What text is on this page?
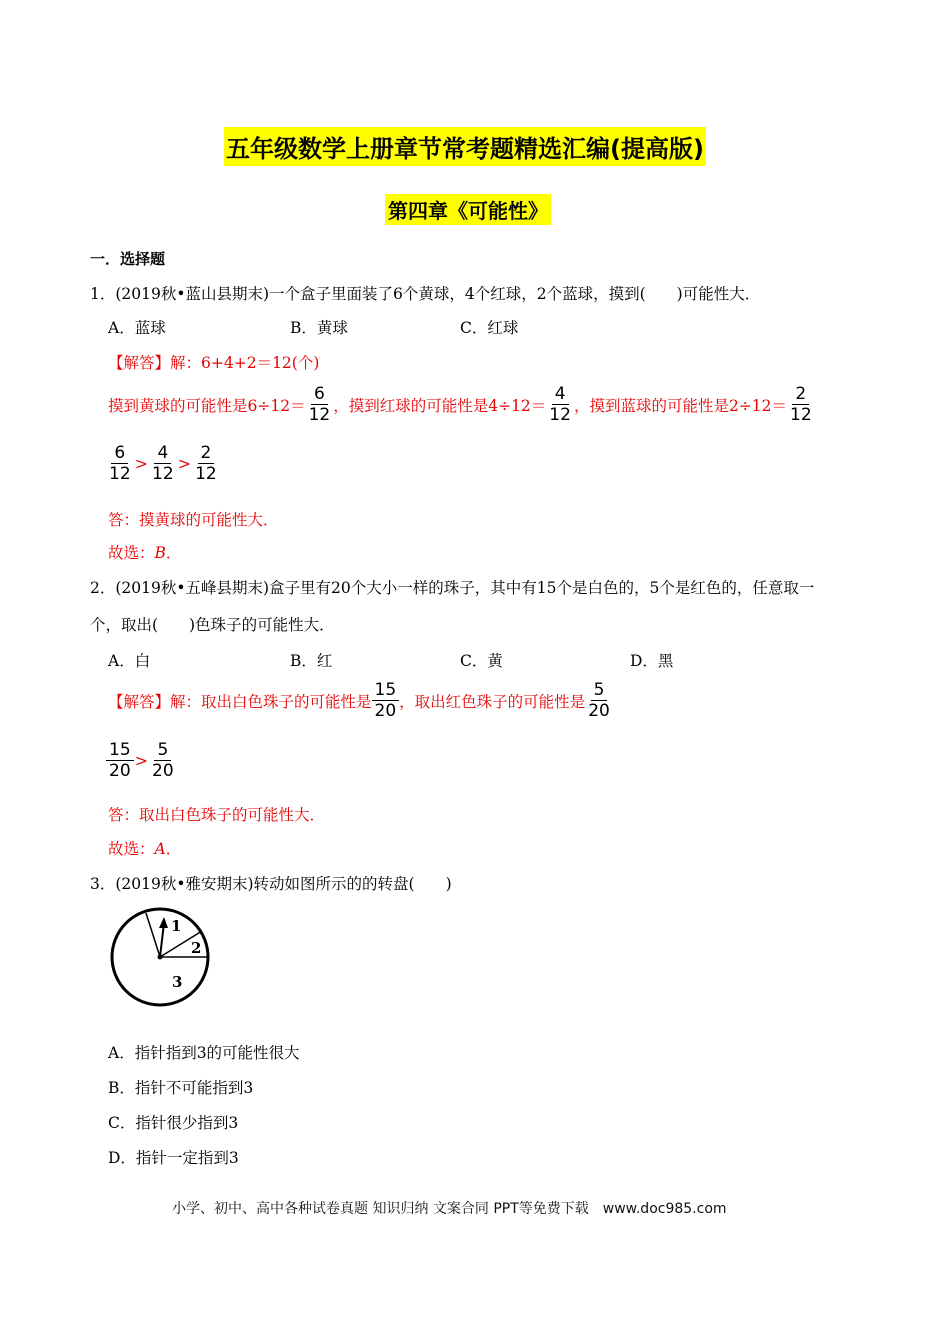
五年级数学上册章节常考题精选汇编(提高版)
第四章《可能性》
一．选择题
1．(2019秋•蓝山县期末)一个盒子里面装了6个黄球，4个红球，2个蓝球，摸到(　　)可能性大．
A．蓝球	B．黄球	C．红球
【解答】解：6+4+2＝12(个)
摸到黄球的可能性是$6\div 12= \frac{6}{12}$ ，摸到红球的可能性是$4\div 12= \frac{4}{12}$ ，摸到蓝球的可能性是$2\div 12= \frac{2}{12}$
$\frac{6}{12} > \frac{4}{12} > \frac{2}{12}$
答：摸黄球的可能性大．
故选：B．
2．(2019秋•五峰县期末)盒子里有20个大小一样的珠子，其中有15个是白色的，5个是红色的，任意取一
个，取出(　　)色珠子的可能性大．
A．白	B．红	C．黄	D．黑
【解答】 解：取出白色珠子的可能性是 $\frac{15}{20}$ ，取出红色珠子的可能性是 $\frac{5}{20}$
$\frac{15}{20} > \frac{5}{20}$
答：取出白色珠子的可能性大．
故选：A．
3．(2019秋•雅安期末)转动如图所示的的转盘(　　)
1
2
3
A．指针指到3的可能性很大
B．指针不可能指到3
C．指针很少指到3
D．指针一定指到3
小学、初中、高中各种试卷真题 知识归纳 文案合同 PPT等免费下载　www.doc985.com
